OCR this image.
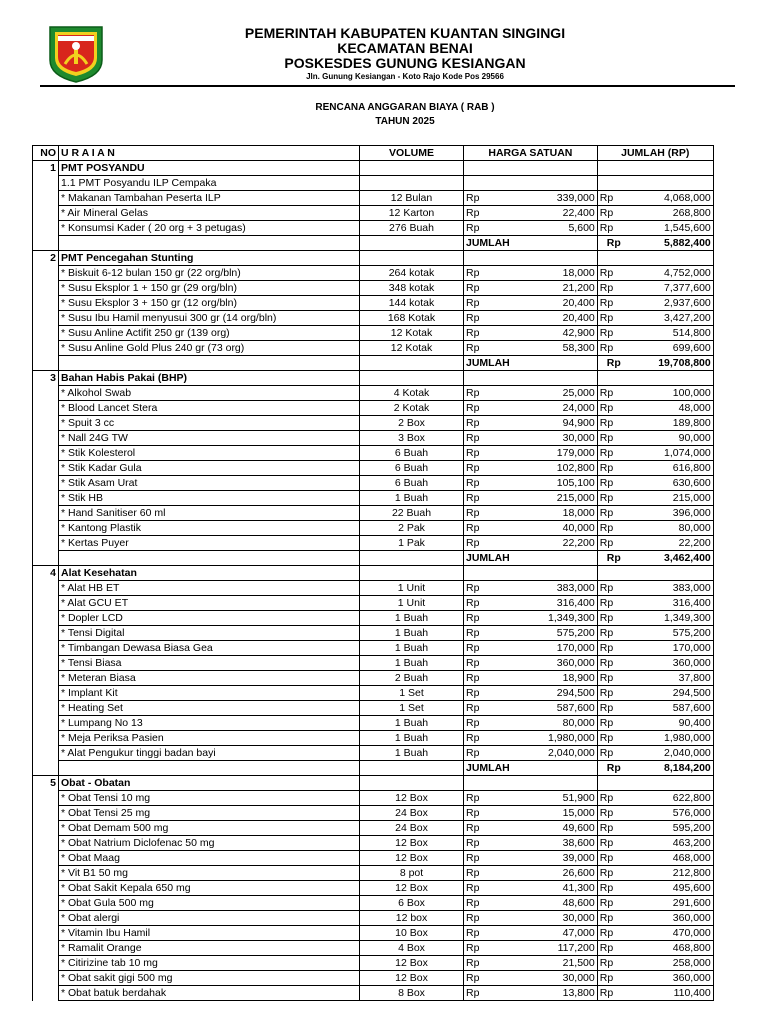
PEMERINTAH KABUPATEN KUANTAN SINGINGI
KECAMATAN BENAI
POSKESDES GUNUNG KESIANGAN
Jln. Gunung Kesiangan - Koto Rajo Kode Pos 29566
RENCANA ANGGARAN BIAYA ( RAB )
TAHUN 2025
NO	U R A I A N	VOLUME	HARGA SATUAN		JUMLAH (RP)	
1	PMT POSYANDU					
	1.1 PMT Posyandu ILP Cempaka					
	* Makanan Tambahan Peserta ILP	12 Bulan	Rp	339,000	Rp	4,068,000
	* Air Mineral Gelas	12 Karton	Rp	22,400	Rp	268,800
	* Konsumsi Kader ( 20 org + 3 petugas)	276 Buah	Rp	5,600	Rp	1,545,600
			JUMLAH		Rp	5,882,400
2	PMT Pencegahan Stunting					
	* Biskuit 6-12 bulan 150 gr (22 org/bln)	264 kotak	Rp	18,000	Rp	4,752,000
	* Susu Eksplor 1 + 150 gr (29 org/bln)	348 kotak	Rp	21,200	Rp	7,377,600
	* Susu Eksplor 3 + 150 gr (12 org/bln)	144 kotak	Rp	20,400	Rp	2,937,600
	* Susu Ibu Hamil menyusui 300 gr (14 org/bln)	168 Kotak	Rp	20,400	Rp	3,427,200
	* Susu Anline Actifit 250 gr (139 org)	12 Kotak	Rp	42,900	Rp	514,800
	* Susu Anline Gold Plus 240 gr (73 org)	12 Kotak	Rp	58,300	Rp	699,600
			JUMLAH		Rp	19,708,800
3	Bahan Habis Pakai (BHP)					
	* Alkohol Swab	4 Kotak	Rp	25,000	Rp	100,000
	* Blood Lancet Stera	2 Kotak	Rp	24,000	Rp	48,000
	* Spuit 3 cc	2 Box	Rp	94,900	Rp	189,800
	* Nall 24G TW	3 Box	Rp	30,000	Rp	90,000
	* Stik Kolesterol	6 Buah	Rp	179,000	Rp	1,074,000
	* Stik Kadar Gula	6 Buah	Rp	102,800	Rp	616,800
	* Stik Asam Urat	6 Buah	Rp	105,100	Rp	630,600
	* Stik HB	1 Buah	Rp	215,000	Rp	215,000
	* Hand Sanitiser 60 ml	22 Buah	Rp	18,000	Rp	396,000
	* Kantong Plastik	2 Pak	Rp	40,000	Rp	80,000
	* Kertas Puyer	1 Pak	Rp	22,200	Rp	22,200
			JUMLAH		Rp	3,462,400
4	Alat Kesehatan					
	* Alat HB ET	1 Unit	Rp	383,000	Rp	383,000
	* Alat GCU ET	1 Unit	Rp	316,400	Rp	316,400
	* Dopler LCD	1 Buah	Rp	1,349,300	Rp	1,349,300
	* Tensi Digital	1 Buah	Rp	575,200	Rp	575,200
	* Timbangan Dewasa Biasa Gea	1 Buah	Rp	170,000	Rp	170,000
	* Tensi Biasa	1 Buah	Rp	360,000	Rp	360,000
	* Meteran Biasa	2 Buah	Rp	18,900	Rp	37,800
	* Implant Kit	1 Set	Rp	294,500	Rp	294,500
	* Heating Set	1 Set	Rp	587,600	Rp	587,600
	* Lumpang No 13	1 Buah	Rp	80,000	Rp	90,400
	* Meja Periksa Pasien	1 Buah	Rp	1,980,000	Rp	1,980,000
	* Alat Pengukur tinggi badan bayi	1 Buah	Rp	2,040,000	Rp	2,040,000
			JUMLAH		Rp	8,184,200
5	Obat - Obatan					
	* Obat Tensi 10 mg	12 Box	Rp	51,900	Rp	622,800
	* Obat Tensi 25 mg	24 Box	Rp	15,000	Rp	576,000
	* Obat Demam 500 mg	24 Box	Rp	49,600	Rp	595,200
	* Obat Natrium Diclofenac 50 mg	12 Box	Rp	38,600	Rp	463,200
	* Obat Maag	12 Box	Rp	39,000	Rp	468,000
	* Vit B1 50 mg	8 pot	Rp	26,600	Rp	212,800
	* Obat Sakit Kepala 650 mg	12 Box	Rp	41,300	Rp	495,600
	* Obat Gula 500 mg	6 Box	Rp	48,600	Rp	291,600
	* Obat alergi	12 box	Rp	30,000	Rp	360,000
	* Vitamin Ibu Hamil	10 Box	Rp	47,000	Rp	470,000
	* Ramalit Orange	4 Box	Rp	117,200	Rp	468,800
	* Citirizine tab 10 mg	12 Box	Rp	21,500	Rp	258,000
	* Obat sakit gigi 500 mg	12 Box	Rp	30,000	Rp	360,000
	* Obat batuk berdahak	8 Box	Rp	13,800	Rp	110,400
